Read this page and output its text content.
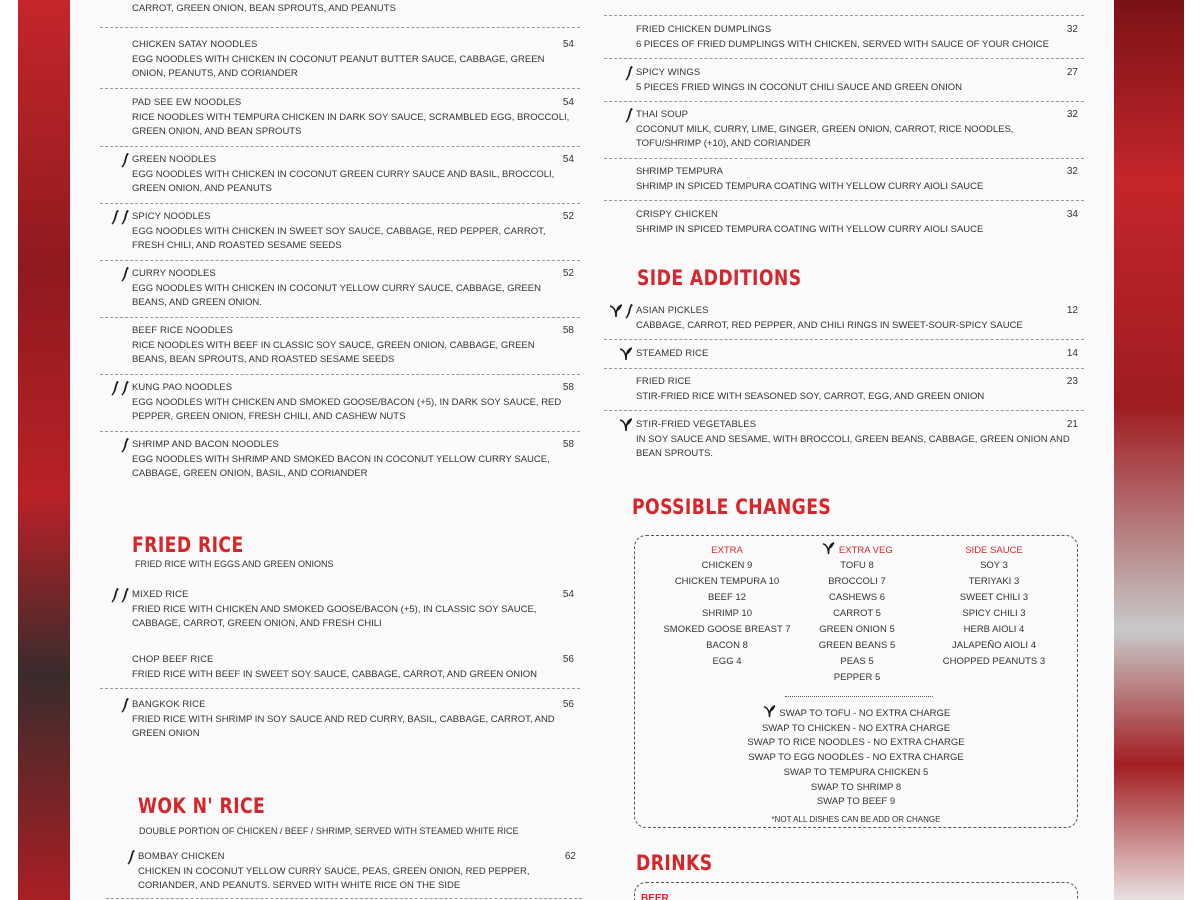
CARROT, GREEN ONION, BEAN SPROUTS, AND PEANUTS
CHICKEN SATAY NOODLES	54
EGG NOODLES WITH CHICKEN IN COCONUT PEANUT BUTTER SAUCE, CABBAGE, GREEN ONION, PEANUTS, AND CORIANDER
PAD SEE EW NOODLES	54
RICE NOODLES WITH TEMPURA CHICKEN IN DARK SOY SAUCE, SCRAMBLED EGG, BROCCOLI, GREEN ONION, AND BEAN SPROUTS
GREEN NOODLES	54
EGG NOODLES WITH CHICKEN IN COCONUT GREEN CURRY SAUCE AND BASIL, BROCCOLI, GREEN ONION, AND PEANUTS
SPICY NOODLES	52
EGG NOODLES WITH CHICKEN IN SWEET SOY SAUCE, CABBAGE, RED PEPPER, CARROT, FRESH CHILI, AND ROASTED SESAME SEEDS
CURRY NOODLES	52
EGG NOODLES WITH CHICKEN IN COCONUT YELLOW CURRY SAUCE, CABBAGE, GREEN BEANS, AND GREEN ONION.
BEEF RICE NOODLES	58
RICE NOODLES WITH BEEF IN CLASSIC SOY SAUCE, GREEN ONION, CABBAGE, GREEN BEANS, BEAN SPROUTS, AND ROASTED SESAME SEEDS
KUNG PAO NOODLES	58
EGG NOODLES WITH CHICKEN AND SMOKED GOOSE/BACON (+5), IN DARK SOY SAUCE, RED PEPPER, GREEN ONION, FRESH CHILI, AND CASHEW NUTS
SHRIMP AND BACON NOODLES	58
EGG NOODLES WITH SHRIMP AND SMOKED BACON IN COCONUT YELLOW CURRY SAUCE, CABBAGE, GREEN ONION, BASIL, AND CORIANDER
FRIED RICE
FRIED RICE WITH EGGS AND GREEN ONIONS
MIXED RICE	54
FRIED RICE WITH CHICKEN AND SMOKED GOOSE/BACON (+5), IN CLASSIC SOY SAUCE, CABBAGE, CARROT, GREEN ONION, AND FRESH CHILI
CHOP BEEF RICE	56
FRIED RICE WITH BEEF IN SWEET SOY SAUCE, CABBAGE, CARROT, AND GREEN ONION
BANGKOK RICE	56
FRIED RICE WITH SHRIMP IN SOY SAUCE AND RED CURRY, BASIL, CABBAGE, CARROT, AND GREEN ONION
WOK N' RICE
DOUBLE PORTION OF CHICKEN / BEEF / SHRIMP, SERVED WITH STEAMED WHITE RICE
BOMBAY CHICKEN	62
CHICKEN IN COCONUT YELLOW CURRY SAUCE, PEAS, GREEN ONION, RED PEPPER, CORIANDER, AND PEANUTS. SERVED WITH WHITE RICE ON THE SIDE
FRIED CHICKEN DUMPLINGS	32
6 PIECES OF FRIED DUMPLINGS WITH CHICKEN, SERVED WITH SAUCE OF YOUR CHOICE
SPICY WINGS	27
5 PIECES FRIED WINGS IN COCONUT CHILI SAUCE AND GREEN ONION
THAI SOUP	32
COCONUT MILK, CURRY, LIME, GINGER, GREEN ONION, CARROT, RICE NOODLES, TOFU/SHRIMP (+10), AND CORIANDER
SHRIMP TEMPURA	32
SHRIMP IN SPICED TEMPURA COATING WITH YELLOW CURRY AIOLI SAUCE
CRISPY CHICKEN	34
SHRIMP IN SPICED TEMPURA COATING WITH YELLOW CURRY AIOLI SAUCE
SIDE ADDITIONS
ASIAN PICKLES	12
CABBAGE, CARROT, RED PEPPER, AND CHILI RINGS IN SWEET-SOUR-SPICY SAUCE
STEAMED RICE	14
FRIED RICE	23
STIR-FRIED RICE WITH SEASONED SOY, CARROT, EGG, AND GREEN ONION
STIR-FRIED VEGETABLES	21
IN SOY SAUCE AND SESAME, WITH BROCCOLI, GREEN BEANS, CABBAGE, GREEN ONION AND BEAN SPROUTS.
POSSIBLE CHANGES
EXTRA
CHICKEN 9
CHICKEN TEMPURA 10
BEEF 12
SHRIMP 10
SMOKED GOOSE BREAST 7
BACON 8
EGG 4
EXTRA VEG
TOFU 8
BROCCOLI 7
CASHEWS 6
CARROT 5
GREEN ONION 5
GREEN BEANS 5
PEAS 5
PEPPER 5
SIDE SAUCE
SOY 3
TERIYAKI 3
SWEET CHILI 3
SPICY CHILI 3
HERB AIOLI 4
JALAPEÑO AIOLI 4
CHOPPED PEANUTS 3
SWAP TO TOFU - NO EXTRA CHARGE
SWAP TO CHICKEN - NO EXTRA CHARGE
SWAP TO RICE NOODLES - NO EXTRA CHARGE
SWAP TO EGG NOODLES - NO EXTRA CHARGE
SWAP TO TEMPURA CHICKEN 5
SWAP TO SHRIMP 8
SWAP TO BEEF 9
*NOT ALL DISHES CAN BE ADD OR CHANGE
DRINKS
BEER
